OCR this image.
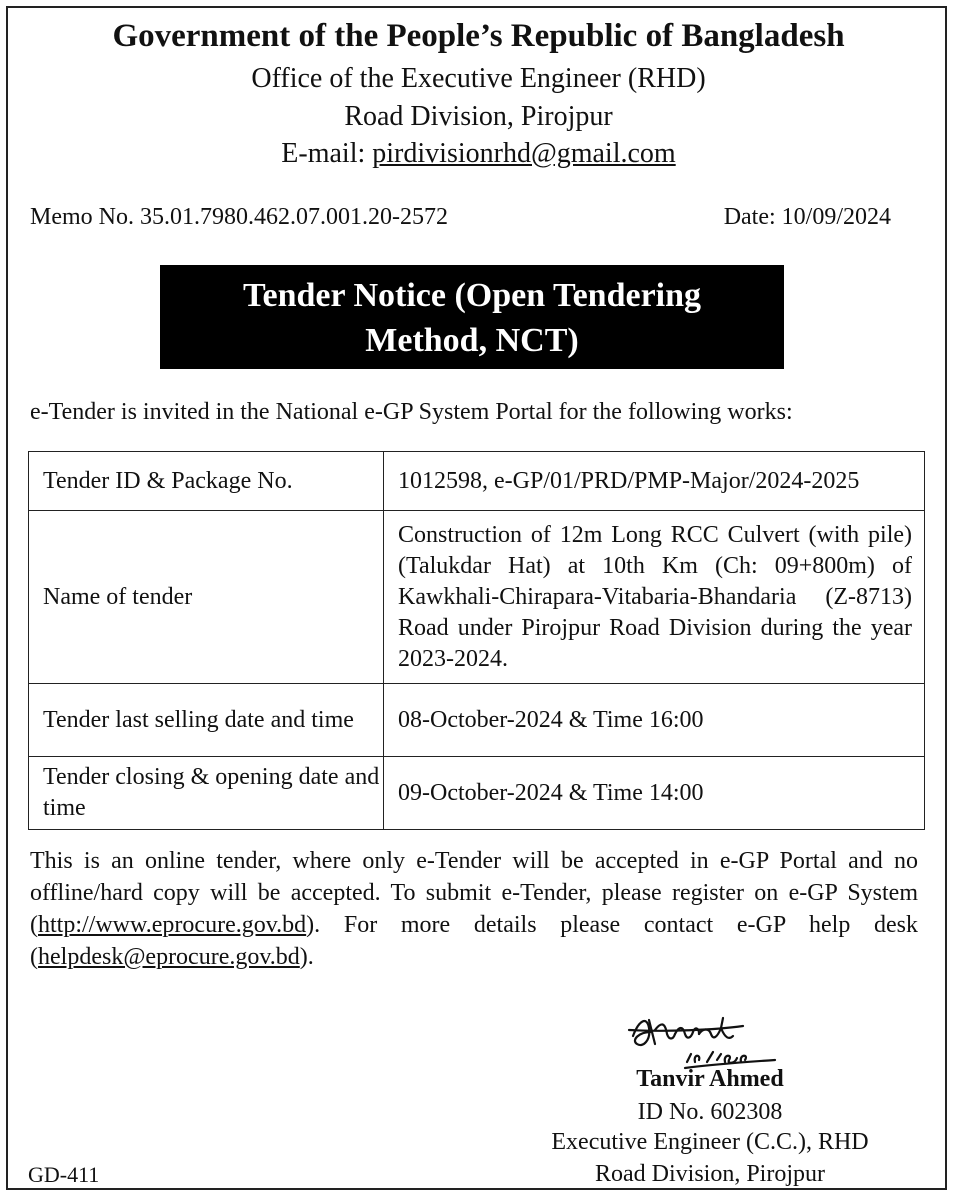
Government of the People’s Republic of Bangladesh

Office of the Executive Engineer (RHD)

Road Division, Pirojpur

E-mail: pirdivisionrhd@gmail.com

Memo No. 35.01.7980.462.07.001.20-2572	Date: 10/09/2024

Tender Notice (Open Tendering
Method, NCT)

e-Tender is invited in the National e-GP System Portal for the following works:

Tender ID & Package No.	1012598, e-GP/01/PRD/PMP-Major/2024-2025
Name of tender	Construction of 12m Long RCC Culvert (with pile) (Talukdar Hat) at 10th Km (Ch: 09+800m) of Kawkhali-Chirapara-Vitabaria-Bhandaria (Z-8713) Road under Pirojpur Road Division during the year 2023-2024.
Tender last selling date and time	08-October-2024 & Time 16:00
Tender closing & opening date and time	09-October-2024 & Time 14:00

This is an online tender, where only e-Tender will be accepted in e-GP Portal and no offline/hard copy will be accepted. To submit e-Tender, please register on e-GP System (http://www.eprocure.gov.bd). For more details please contact e-GP help desk (helpdesk@eprocure.gov.bd).

Tanvir Ahmed

ID No. 602308

Executive Engineer (C.C.), RHD

Road Division, Pirojpur

GD-411
